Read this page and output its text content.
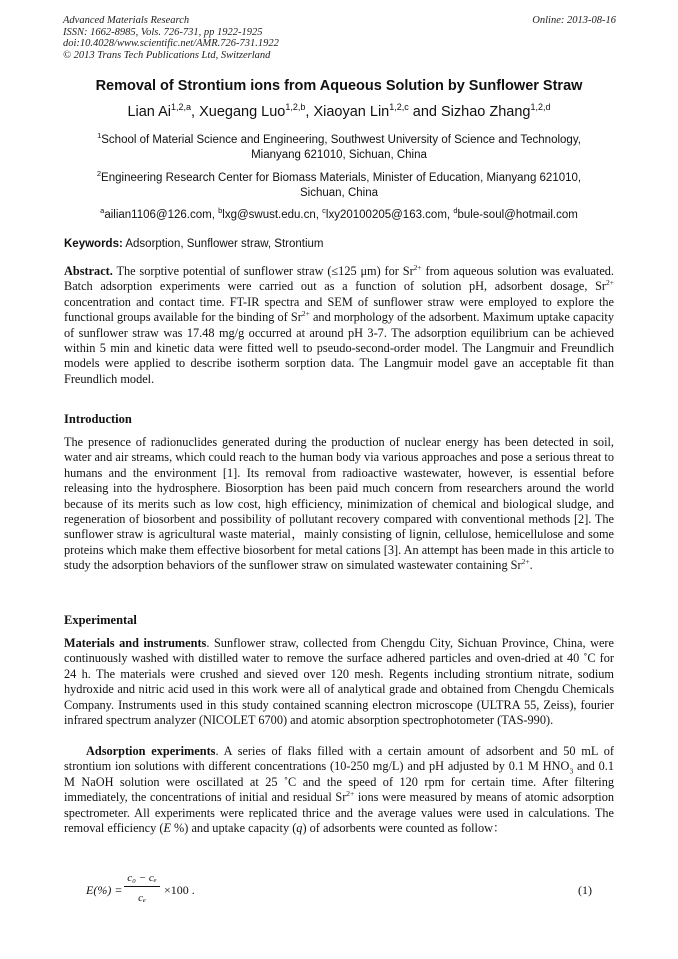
Advanced Materials Research
ISSN: 1662-8985, Vols. 726-731, pp 1922-1925
doi:10.4028/www.scientific.net/AMR.726-731.1922
© 2013 Trans Tech Publications Ltd, Switzerland
Online: 2013-08-16
Removal of Strontium ions from Aqueous Solution by Sunflower Straw
Lian Ai$^{1,2,a}$, Xuegang Luo$^{1,2,b}$, Xiaoyan Lin$^{1,2,c}$ and Sizhao Zhang$^{1,2,d}$
$^1$School of Material Science and Engineering, Southwest University of Science and Technology, Mianyang 621010, Sichuan, China
$^2$Engineering Research Center for Biomass Materials, Minister of Education, Mianyang 621010, Sichuan, China
$^a$ailian1106@126.com, $^b$lxg@swust.edu.cn, $^c$lxy20100205@163.com, $^d$bule-soul@hotmail.com
Keywords: Adsorption, Sunflower straw, Strontium
Abstract. The sorptive potential of sunflower straw (≤125 μm) for $Sr^{2+}$ from aqueous solution was evaluated. Batch adsorption experiments were carried out as a function of solution pH, adsorbent dosage, $Sr^{2+}$ concentration and contact time. FT-IR spectra and SEM of sunflower straw were employed to explore the functional groups available for the binding of $Sr^{2+}$ and morphology of the adsorbent. Maximum uptake capacity of sunflower straw was 17.48 mg/g occurred at around pH 3-7. The adsorption equilibrium can be achieved within 5 min and kinetic data were fitted well to pseudo-second-order model. The Langmuir and Freundlich models were applied to describe isotherm sorption data. The Langmuir model gave an acceptable fit than Freundlich model.
Introduction
The presence of radionuclides generated during the production of nuclear energy has been detected in soil, water and air streams, which could reach to the human body via various approaches and pose a serious threat to humans and the environment [1]. Its removal from radioactive wastewater, however, is essential before releasing into the hydrosphere. Biosorption has been paid much concern from researchers around the world because of its merits such as low cost, high efficiency, minimization of chemical and biological sludge, and regeneration of biosorbent and possibility of pollutant recovery compared with conventional methods [2]. The sunflower straw is agricultural waste material，mainly consisting of lignin, cellulose, hemicellulose and some proteins which make them effective biosorbent for metal cations [3]. An attempt has been made in this article to study the adsorption behaviors of the sunflower straw on simulated wastewater containing $Sr^{2+}$.
Experimental
Materials and instruments. Sunflower straw, collected from Chengdu City, Sichuan Province, China, were continuously washed with distilled water to remove the surface adhered particles and oven-dried at 40 ˚C for 24 h. The materials were crushed and sieved over 120 mesh. Regents including strontium nitrate, sodium hydroxide and nitric acid used in this work were all of analytical grade and obtained from Chengdu Chemicals Company. Instruments used in this study contained scanning electron microscope (ULTRA 55, Zeiss), fourier infrared spectrum analyzer (NICOLET 6700) and atomic absorption spectrophotometer (TAS-990).
Adsorption experiments. A series of flaks filled with a certain amount of adsorbent and 50 mL of strontium ion solutions with different concentrations (10-250 mg/L) and pH adjusted by 0.1 M $HNO_3$ and 0.1 M NaOH solution were oscillated at 25 ˚C and the speed of 120 rpm for certain time. After filtering immediately, the concentrations of initial and residual $Sr^{2+}$ ions were measured by means of atomic adsorption spectrometer. All experiments were replicated thrice and the average values were used in calculations. The removal efficiency (E %) and uptake capacity (q) of adsorbents were counted as follow：
E(%) =
c₀ − cₑ
cₑ
×100 .	(1)
